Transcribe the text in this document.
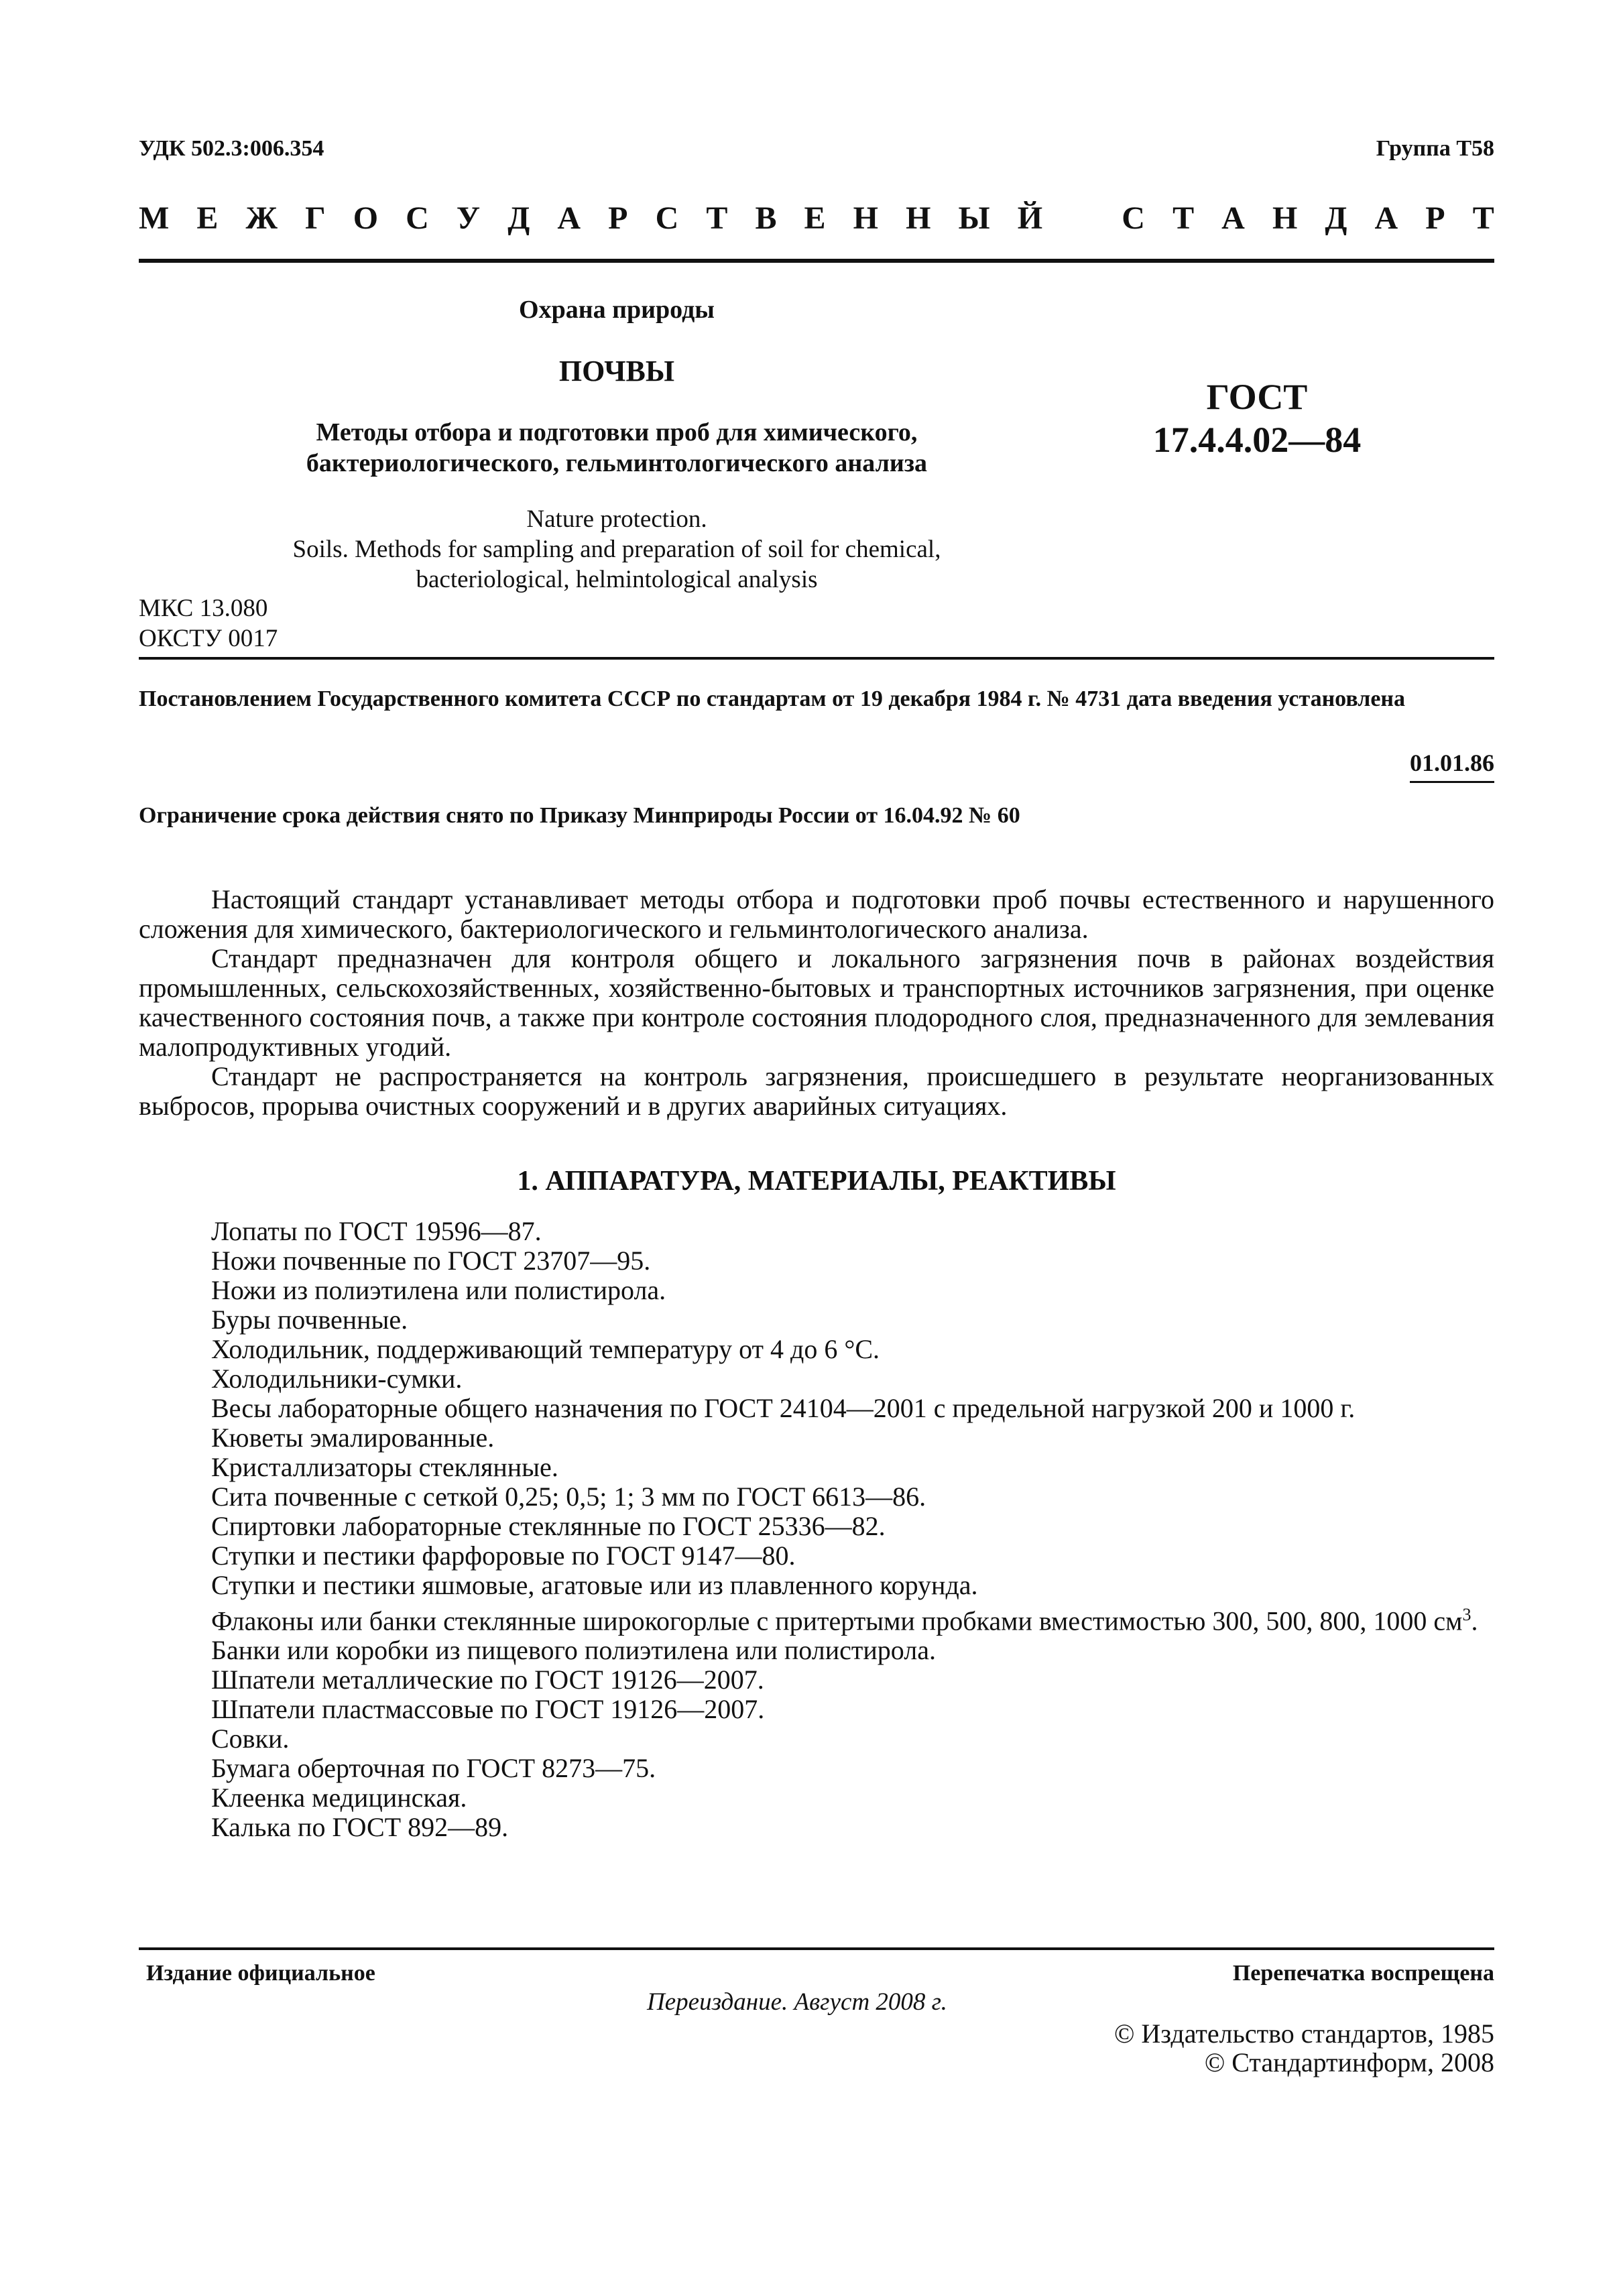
УДК 502.3:006.354	Группа Т58
М Е Ж Г О С У Д А Р С Т В Е Н Н Ы Й С Т А Н Д А Р Т
Охрана природы
ПОЧВЫ
Методы отбора и подготовки проб для химического,
бактериологического, гельминтологического анализа
ГОСТ
17.4.4.02—84
Nature protection.
Soils. Methods for sampling and preparation of soil for chemical,
bacteriological, helmintological analysis
МКС 13.080
ОКСТУ 0017
Постановлением Государственного комитета СССР по стандартам от 19 декабря 1984 г. № 4731 дата введения установлена
01.01.86
Ограничение срока действия снято по Приказу Минприроды России от 16.04.92 № 60

Настоящий стандарт устанавливает методы отбора и подготовки проб почвы естественного и нарушенного сложения для химического, бактериологического и гельминтологического анализа.

Стандарт предназначен для контроля общего и локального загрязнения почв в районах воздействия промышленных, сельскохозяйственных, хозяйственно-бытовых и транспортных источников загрязнения, при оценке качественного состояния почв, а также при контроле состояния плодородного слоя, предназначенного для землевания малопродуктивных угодий.

Стандарт не распространяется на контроль загрязнения, происшедшего в результате неорганизованных выбросов, прорыва очистных сооружений и в других аварийных ситуациях.

1. АППАРАТУРА, МАТЕРИАЛЫ, РЕАКТИВЫ
Лопаты по ГОСТ 19596—87.
Ножи почвенные по ГОСТ 23707—95.
Ножи из полиэтилена или полистирола.
Буры почвенные.
Холодильник, поддерживающий температуру от 4 до 6 °С.
Холодильники-сумки.
Весы лабораторные общего назначения по ГОСТ 24104—2001 с предельной нагрузкой 200 и 1000 г.
Кюветы эмалированные.
Кристаллизаторы стеклянные.
Сита почвенные с сеткой 0,25; 0,5; 1; 3 мм по ГОСТ 6613—86.
Спиртовки лабораторные стеклянные по ГОСТ 25336—82.
Ступки и пестики фарфоровые по ГОСТ 9147—80.
Ступки и пестики яшмовые, агатовые или из плавленного корунда.
Флаконы или банки стеклянные широкогорлые с притертыми пробками вместимостью 300, 500, 800, 1000 $см^3$.
Банки или коробки из пищевого полиэтилена или полистирола.
Шпатели металлические по ГОСТ 19126—2007.
Шпатели пластмассовые по ГОСТ 19126—2007.
Совки.
Бумага оберточная по ГОСТ 8273—75.
Клеенка медицинская.
Калька по ГОСТ 892—89.
Издание официальное	Перепечатка воспрещена
Переиздание. Август 2008 г.
© Издательство стандартов, 1985
© Стандартинформ, 2008
